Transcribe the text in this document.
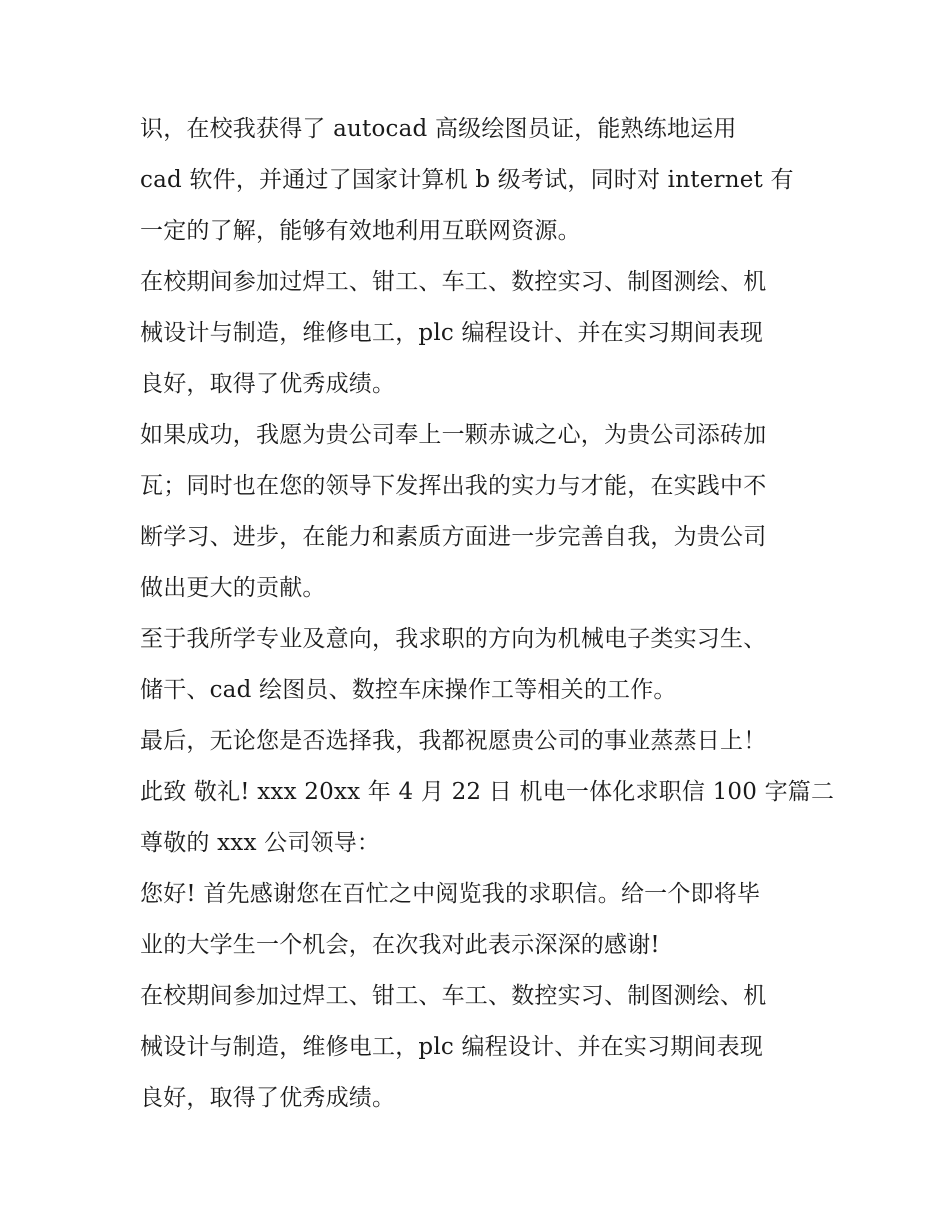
识，在校我获得了 autocad 高级绘图员证，能熟练地运用
cad 软件，并通过了国家计算机 b 级考试，同时对 internet 有
一定的了解，能够有效地利用互联网资源。
在校期间参加过焊工、钳工、车工、数控实习、制图测绘、机
械设计与制造，维修电工，plc 编程设计、并在实习期间表现
良好，取得了优秀成绩。
如果成功，我愿为贵公司奉上一颗赤诚之心，为贵公司添砖加
瓦；同时也在您的领导下发挥出我的实力与才能，在实践中不
断学习、进步，在能力和素质方面进一步完善自我，为贵公司
做出更大的贡献。
至于我所学专业及意向，我求职的方向为机械电子类实习生、
储干、cad 绘图员、数控车床操作工等相关的工作。
最后，无论您是否选择我，我都祝愿贵公司的事业蒸蒸日上！
此致 敬礼! xxx 20xx 年 4 月 22 日 机电一体化求职信 100 字篇二
尊敬的 xxx 公司领导：
您好! 首先感谢您在百忙之中阅览我的求职信。给一个即将毕
业的大学生一个机会，在次我对此表示深深的感谢!
在校期间参加过焊工、钳工、车工、数控实习、制图测绘、机
械设计与制造，维修电工，plc 编程设计、并在实习期间表现
良好，取得了优秀成绩。
